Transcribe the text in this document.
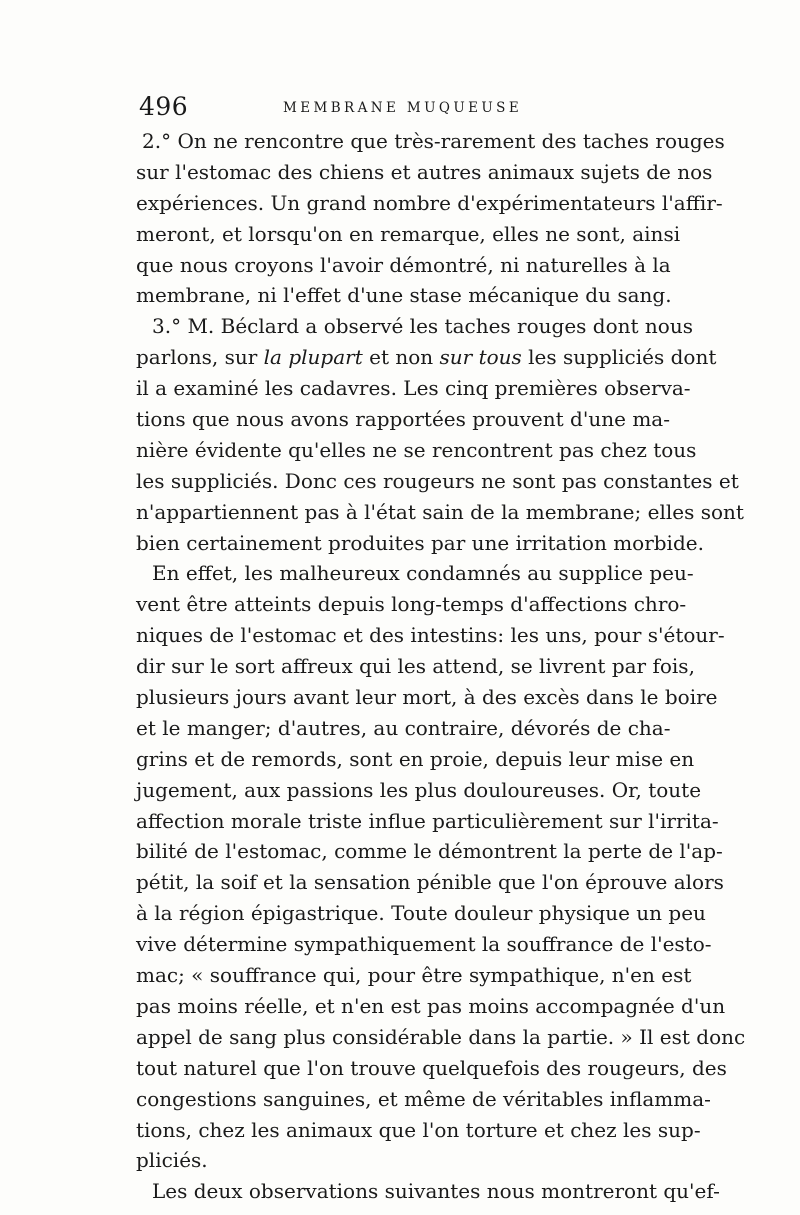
496	MEMBRANE MUQUEUSE
2.° On ne rencontre que très-rarement des taches rouges
sur l'estomac des chiens et autres animaux sujets de nos
expériences. Un grand nombre d'expérimentateurs l'affir-
meront, et lorsqu'on en remarque, elles ne sont, ainsi
que nous croyons l'avoir démontré, ni naturelles à la
membrane, ni l'effet d'une stase mécanique du sang.
3.° M. Béclard a observé les taches rouges dont nous
parlons, sur la plupart et non sur tous les suppliciés dont
il a examiné les cadavres. Les cinq premières observa-
tions que nous avons rapportées prouvent d'une ma-
nière évidente qu'elles ne se rencontrent pas chez tous
les suppliciés. Donc ces rougeurs ne sont pas constantes et
n'appartiennent pas à l'état sain de la membrane; elles sont
bien certainement produites par une irritation morbide.
En effet, les malheureux condamnés au supplice peu-
vent être atteints depuis long-temps d'affections chro-
niques de l'estomac et des intestins: les uns, pour s'étour-
dir sur le sort affreux qui les attend, se livrent par fois,
plusieurs jours avant leur mort, à des excès dans le boire
et le manger; d'autres, au contraire, dévorés de cha-
grins et de remords, sont en proie, depuis leur mise en
jugement, aux passions les plus douloureuses. Or, toute
affection morale triste influe particulièrement sur l'irrita-
bilité de l'estomac, comme le démontrent la perte de l'ap-
pétit, la soif et la sensation pénible que l'on éprouve alors
à la région épigastrique. Toute douleur physique un peu
vive détermine sympathiquement la souffrance de l'esto-
mac; « souffrance qui, pour être sympathique, n'en est
pas moins réelle, et n'en est pas moins accompagnée d'un
appel de sang plus considérable dans la partie. » Il est donc
tout naturel que l'on trouve quelquefois des rougeurs, des
congestions sanguines, et même de véritables inflamma-
tions, chez les animaux que l'on torture et chez les sup-
pliciés.
Les deux observations suivantes nous montreront qu'ef-
